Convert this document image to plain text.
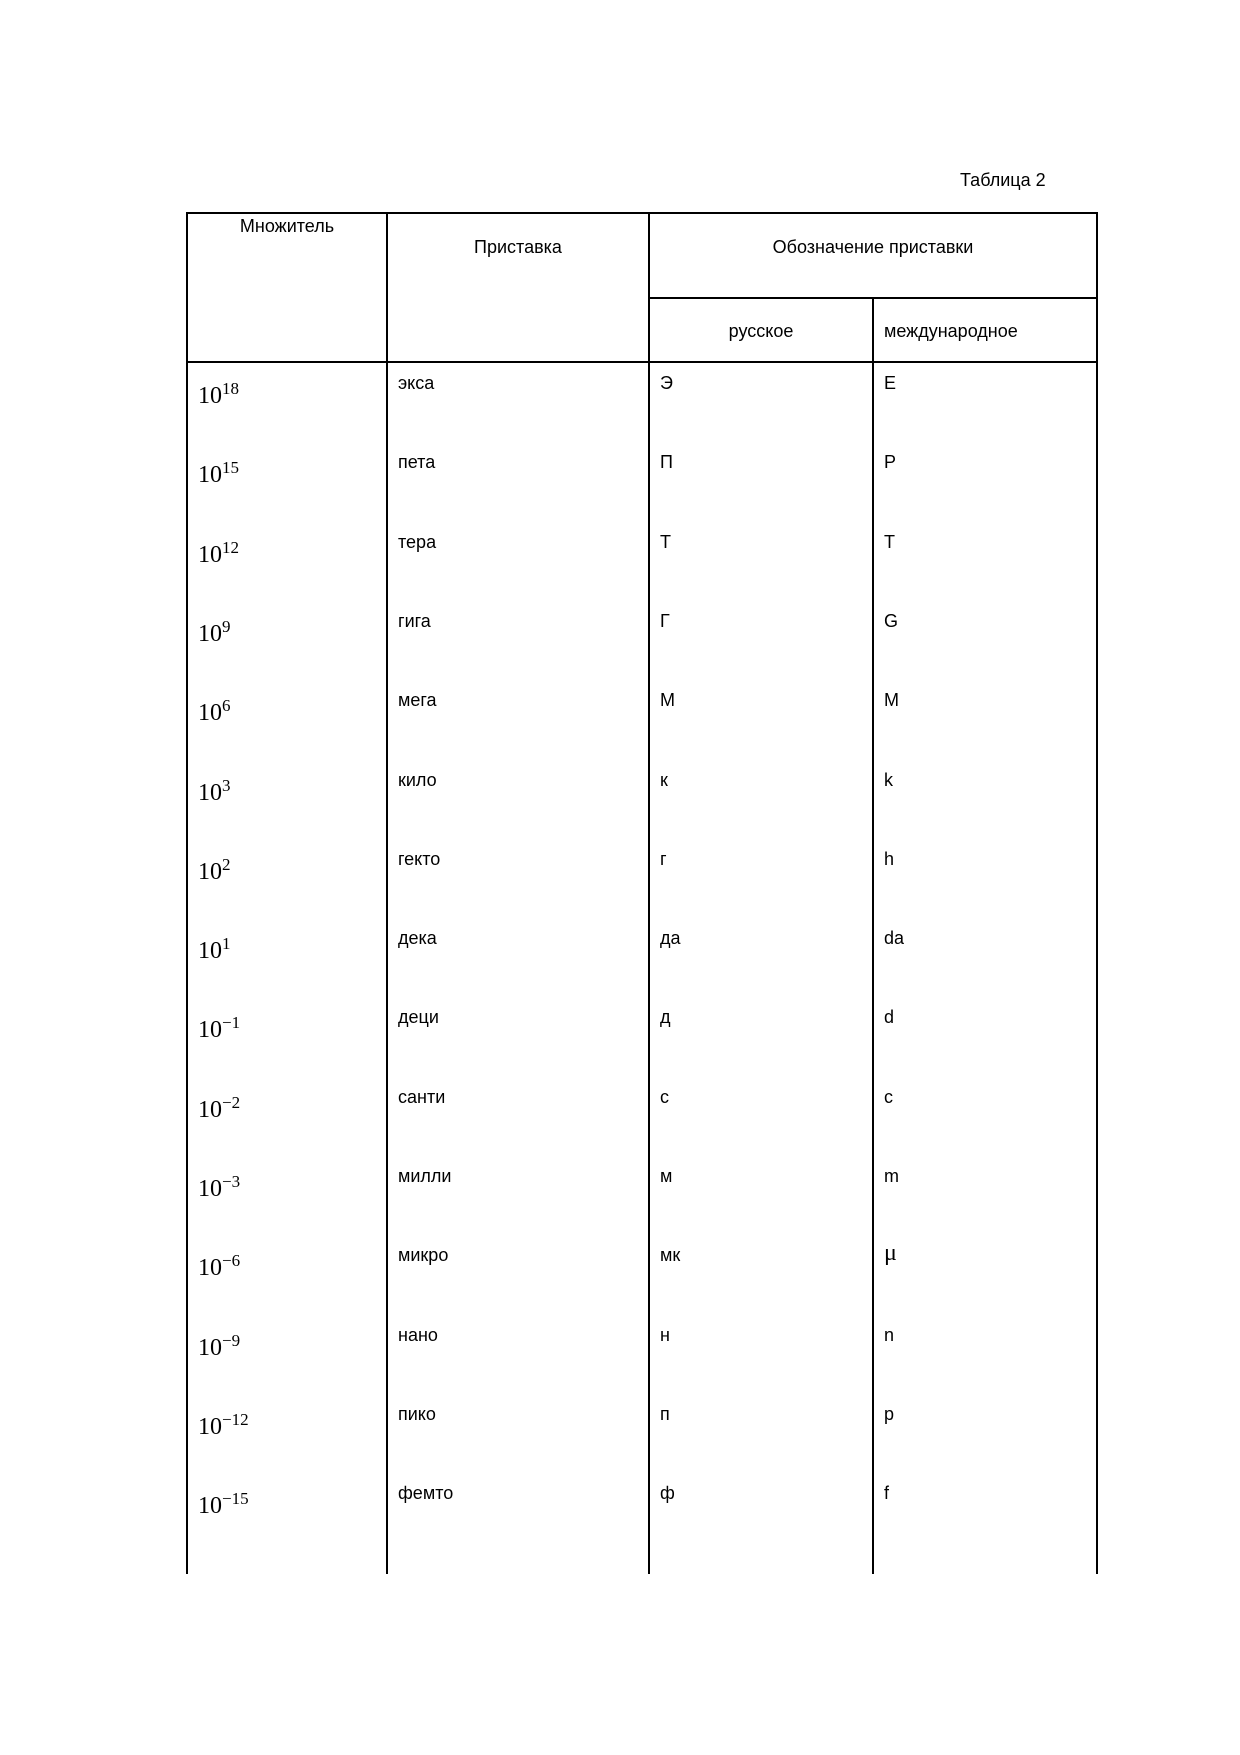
Таблица 2
Множитель
Приставка	Обозначение приставки
русское	международное
$10^{18}$	экса	Э	E
$10^{15}$	пета	П	P
$10^{12}$	тера	Т	T
$10^9$	гига	Г	G
$10^6$	мега	М	M
$10^3$	кило	к	k
$10^2$	гекто	г	h
$10^1$	дека	да	da
$10^{-1}$	деци	д	d
$10^{-2}$	санти	с	c
$10^{-3}$	милли	м	m
$10^{-6}$	микро	мк	μ
$10^{-9}$	нано	н	n
$10^{-12}$	пико	п	p
$10^{-15}$	фемто	ф	f
